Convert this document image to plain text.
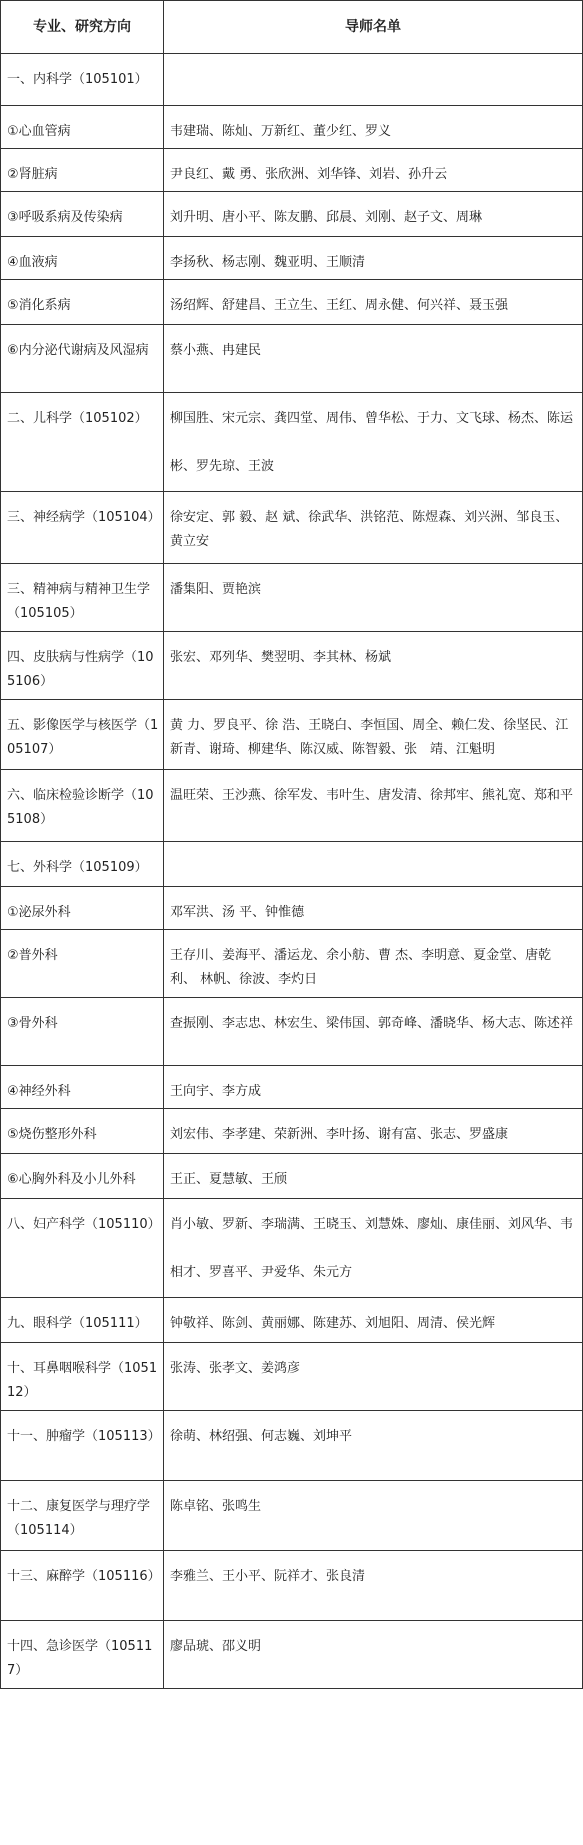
专业、研究方向	导师名单
一、内科学（105101）	
①心血管病	韦建瑞、陈灿、万新红、董少红、罗义
②肾脏病	尹良红、戴 勇、张欣洲、刘华锋、刘岩、孙升云
③呼吸系病及传染病	刘升明、唐小平、陈友鹏、邱晨、刘刚、赵子文、周琳
④血液病	李扬秋、杨志刚、魏亚明、王顺清
⑤消化系病	汤绍辉、舒建昌、王立生、王红、周永健、何兴祥、聂玉强
⑥内分泌代谢病及风湿病	蔡小燕、冉建民
二、儿科学（105102）	柳国胜、宋元宗、龚四堂、周伟、曾华松、于力、文飞球、杨杰、陈运彬、罗先琼、王波
三、神经病学（105104）	徐安定、郭 毅、赵 斌、徐武华、洪铭范、陈煜森、刘兴洲、邹良玉、黄立安
三、精神病与精神卫生学（105105）	潘集阳、贾艳滨
四、皮肤病与性病学（105106）	张宏、邓列华、樊翌明、李其林、杨斌
五、影像医学与核医学（105107）	黄 力、罗良平、徐 浩、王晓白、李恒国、周全、赖仁发、徐坚民、江新青、谢琦、柳建华、陈汉威、陈智毅、张　靖、江魁明
六、临床检验诊断学（105108）	温旺荣、王沙燕、徐军发、韦叶生、唐发清、徐邦牢、熊礼宽、郑和平
七、外科学（105109）	
①泌尿外科	邓军洪、汤 平、钟惟德
②普外科	王存川、姜海平、潘运龙、余小舫、曹 杰、李明意、夏金堂、唐乾利、 林帆、徐波、李灼日
③骨外科	查振刚、李志忠、林宏生、梁伟国、郭奇峰、潘晓华、杨大志、陈述祥
④神经外科	王向宇、李方成
⑤烧伤整形外科	刘宏伟、李孝建、荣新洲、李叶扬、谢有富、张志、罗盛康
⑥心胸外科及小儿外科	王正、夏慧敏、王颀
八、妇产科学（105110）	肖小敏、罗新、李瑞满、王晓玉、刘慧姝、廖灿、康佳丽、刘风华、韦相才、罗喜平、尹爱华、朱元方
九、眼科学（105111）	钟敬祥、陈剑、黄丽娜、陈建苏、刘旭阳、周清、侯光辉
十、耳鼻咽喉科学（105112）	张涛、张孝文、姜鸿彦
十一、肿瘤学（105113）	徐萌、林绍强、何志巍、刘坤平
十二、康复医学与理疗学（105114）	陈卓铭、张鸣生
十三、麻醉学（105116）	李雅兰、王小平、阮祥才、张良清
十四、急诊医学（105117）	廖品琥、邵义明
